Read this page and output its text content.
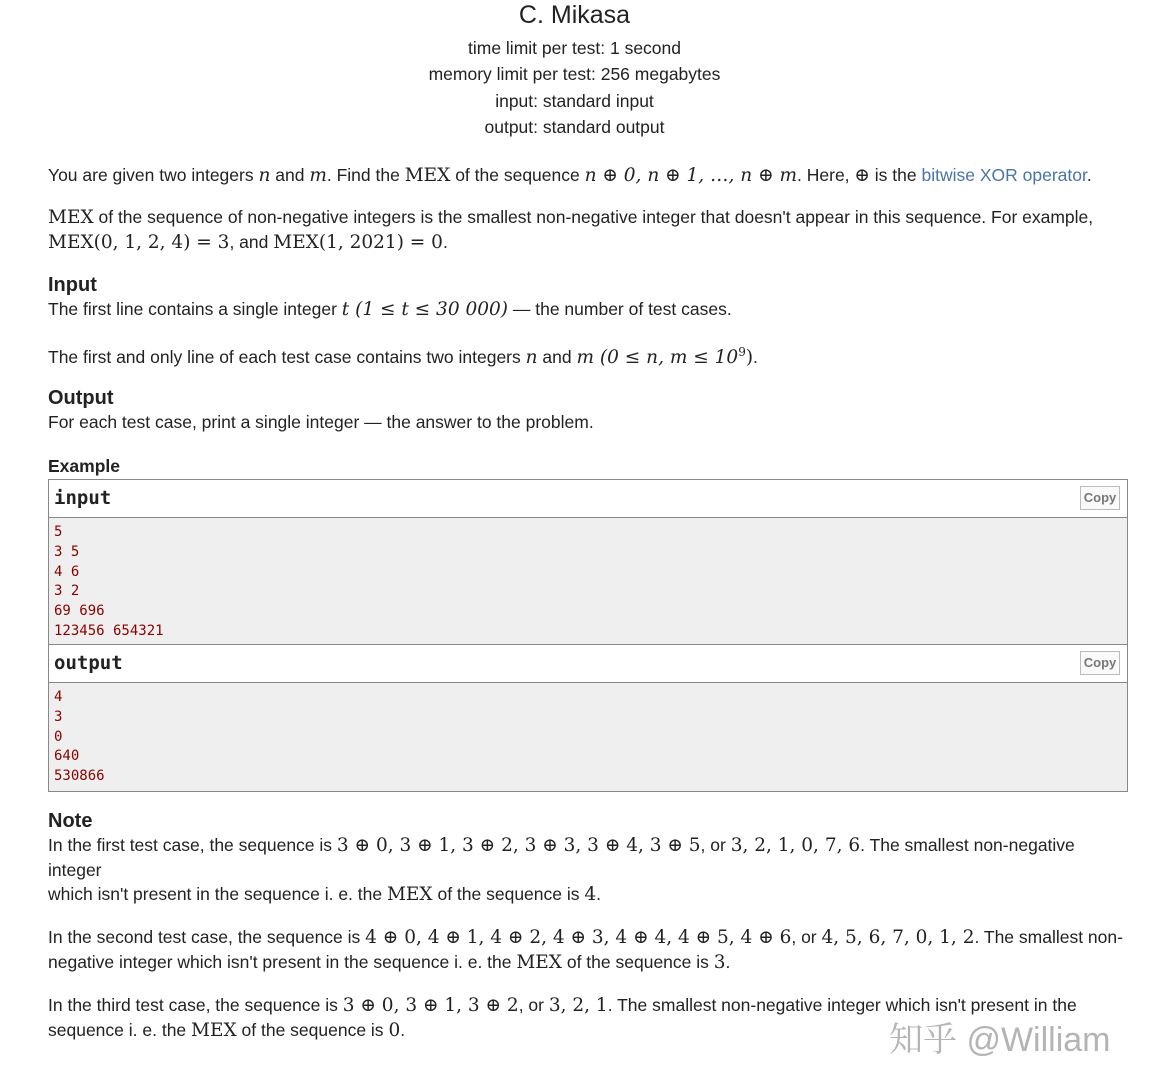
C. Mikasa
time limit per test: 1 second
memory limit per test: 256 megabytes
input: standard input
output: standard output

You are given two integers n and m. Find the MEX of the sequence n ⊕ 0, n ⊕ 1, …, n ⊕ m. Here, ⊕ is the bitwise XOR operator.

MEX of the sequence of non-negative integers is the smallest non-negative integer that doesn't appear in this sequence. For example,
MEX(0, 1, 2, 4) = 3, and MEX(1, 2021) = 0.

Input

The first line contains a single integer t (1 ≤ t ≤ 30 000) — the number of test cases.

The first and only line of each test case contains two integers n and m (0 ≤ n, $m \le 10^9$).

Output

For each test case, print a single integer — the answer to the problem.

Example
input	Copy
5
3 5
4 6
3 2
69 696
123456 654321
output	Copy
4
3
0
640
530866

Note

In the first test case, the sequence is 3 ⊕ 0, 3 ⊕ 1, 3 ⊕ 2, 3 ⊕ 3, 3 ⊕ 4, 3 ⊕ 5, or 3, 2, 1, 0, 7, 6. The smallest non-negative integer
which isn't present in the sequence i. e. the MEX of the sequence is 4.

In the second test case, the sequence is 4 ⊕ 0, 4 ⊕ 1, 4 ⊕ 2, 4 ⊕ 3, 4 ⊕ 4, 4 ⊕ 5, 4 ⊕ 6, or 4, 5, 6, 7, 0, 1, 2. The smallest non-
negative integer which isn't present in the sequence i. e. the MEX of the sequence is 3.

In the third test case, the sequence is 3 ⊕ 0, 3 ⊕ 1, 3 ⊕ 2, or 3, 2, 1. The smallest non-negative integer which isn't present in the
sequence i. e. the MEX of the sequence is 0.	知乎 @William
